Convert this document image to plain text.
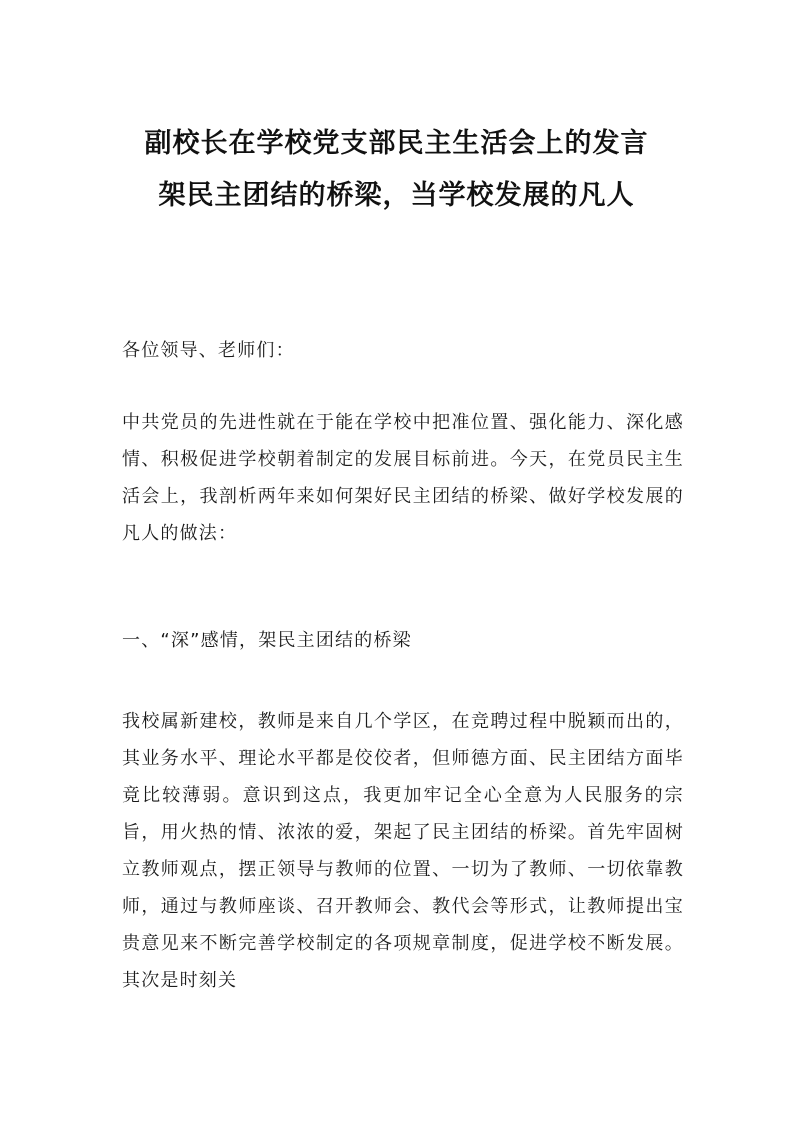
副校长在学校党支部民主生活会上的发言
架民主团结的桥梁，当学校发展的凡人

各位领导、老师们：

中共党员的先进性就在于能在学校中把准位置、强化能力、深化感情、积极促进学校朝着制定的发展目标前进。今天，在党员民主生活会上，我剖析两年来如何架好民主团结的桥梁、做好学校发展的凡人的做法：

一、“深”感情，架民主团结的桥梁

我校属新建校，教师是来自几个学区，在竞聘过程中脱颖而出的，其业务水平、理论水平都是佼佼者，但师德方面、民主团结方面毕竟比较薄弱。意识到这点，我更加牢记全心全意为人民服务的宗旨，用火热的情、浓浓的爱，架起了民主团结的桥梁。首先牢固树立教师观点，摆正领导与教师的位置、一切为了教师、一切依靠教师，通过与教师座谈、召开教师会、教代会等形式，让教师提出宝贵意见来不断完善学校制定的各项规章制度，促进学校不断发展。其次是时刻关
